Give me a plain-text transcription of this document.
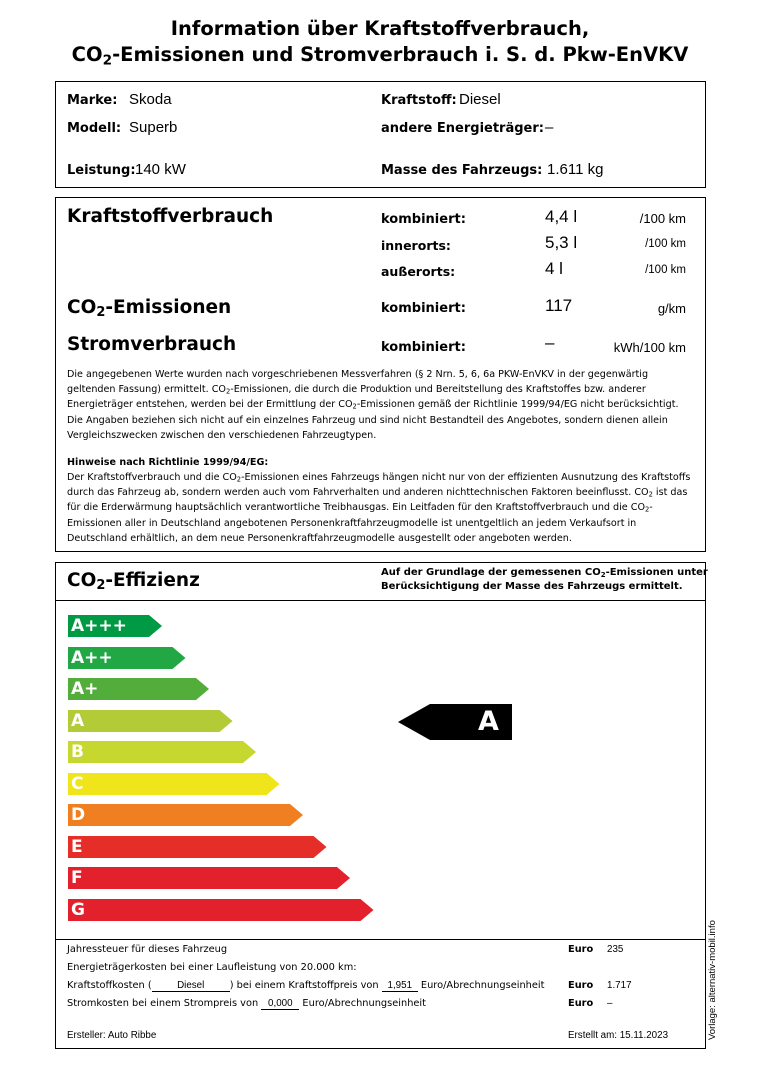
Information über Kraftstoffverbrauch,
$CO_2$-Emissionen und Stromverbrauch i. S. d. Pkw-EnVKV
Marke: Skoda
Modell: Superb
Leistung: 140 kW
Kraftstoff: Diesel
andere Energieträger: –
Masse des Fahrzeugs: 1.611 kg
Kraftstoffverbrauch	kombiniert:	4,4 l	/100 km
innerorts:	5,3 l	/100 km
außerorts:	4 l	/100 km
$CO_2$-Emissionen	kombiniert:	117	g/km
Stromverbrauch	kombiniert:	–	kWh/100 km
Die angegebenen Werte wurden nach vorgeschriebenen Messverfahren (§ 2 Nrn. 5, 6, 6a PKW-EnVKV in der gegenwärtig geltenden Fassung) ermittelt. $CO_2$-Emissionen, die durch die Produktion und Bereitstellung des Kraftstoffes bzw. anderer Energieträger entstehen, werden bei der Ermittlung der $CO_2$-Emissionen gemäß der Richtlinie 1999/94/EG nicht berücksichtigt. Die Angaben beziehen sich nicht auf ein einzelnes Fahrzeug und sind nicht Bestandteil des Angebotes, sondern dienen allein Vergleichszwecken zwischen den verschiedenen Fahrzeugtypen.
Hinweise nach Richtlinie 1999/94/EG:
Der Kraftstoffverbrauch und die $CO_2$-Emissionen eines Fahrzeugs hängen nicht nur von der effizienten Ausnutzung des Kraftstoffs durch das Fahrzeug ab, sondern werden auch vom Fahrverhalten und anderen nichttechnischen Faktoren beeinflusst. $CO_2$ ist das für die Erderwärmung hauptsächlich verantwortliche Treibhausgas. Ein Leitfaden für den Kraftstoffverbrauch und die $CO_2$-Emissionen aller in Deutschland angebotenen Personenkraftfahrzeugmodelle ist unentgeltlich an jedem Verkaufsort in Deutschland erhältlich, an dem neue Personenkraftfahrzeugmodelle ausgestellt oder angeboten werden.
$CO_2$-Effizienz	Auf der Grundlage der gemessenen $CO_2$-Emissionen unter
Berücksichtigung der Masse des Fahrzeugs ermittelt.
A+++
A++
A+
A
B
C
D
E
F
G
A
Jahressteuer für dieses Fahrzeug	Euro 235
Energieträgerkosten bei einer Laufleistung von 20.000 km:
Kraftstoffkosten (	Diesel	) bei einem Kraftstoffpreis von 1,951 Euro/Abrechnungseinheit Euro 1.717
Stromkosten bei einem Strompreis von 0,000 Euro/Abrechnungseinheit	Euro –
Ersteller: Auto Ribbe	Erstellt am: 15.11.2023	Vorlage: alternativ-mobil.info
